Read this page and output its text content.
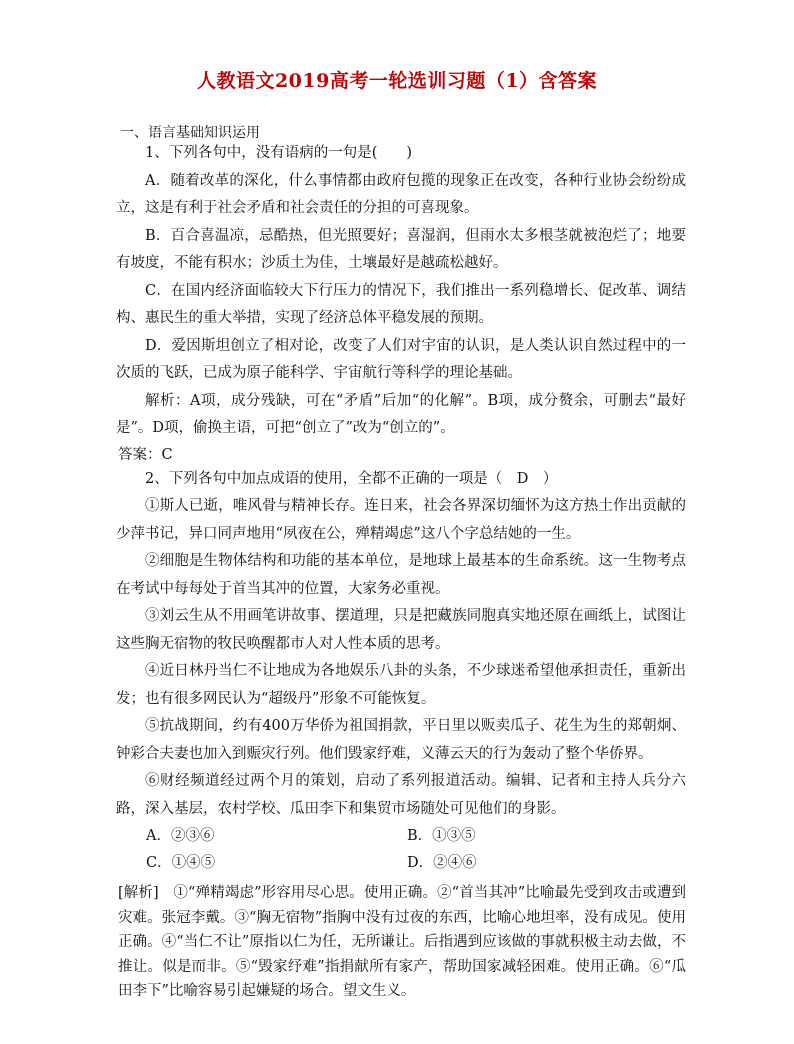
人教语文2019高考一轮选训习题（1）含答案
一、语言基础知识运用

1、下列各句中，没有语病的一句是(　　)

A．随着改革的深化，什么事情都由政府包揽的现象正在改变，各种行业协会纷纷成立，这是有利于社会矛盾和社会责任的分担的可喜现象。

B．百合喜温凉，忌酷热，但光照要好；喜湿润，但雨水太多根茎就被泡烂了；地要有坡度，不能有积水；沙质土为佳，土壤最好是越疏松越好。

C．在国内经济面临较大下行压力的情况下，我们推出一系列稳增长、促改革、调结构、惠民生的重大举措，实现了经济总体平稳发展的预期。

D．爱因斯坦创立了相对论，改变了人们对宇宙的认识，是人类认识自然过程中的一次质的飞跃，已成为原子能科学、宇宙航行等科学的理论基础。

解析：A项，成分残缺，可在“矛盾”后加“的化解”。B项，成分赘余，可删去“最好是”。D项，偷换主语，可把“创立了”改为“创立的”。

答案：C

2、下列各句中加点成语的使用，全都不正确的一项是（　D　）

①斯人已逝，唯风骨与精神长存。连日来，社会各界深切缅怀为这方热土作出贡献的少萍书记，异口同声地用“夙夜在公，殚精竭虑”这八个字总结她的一生。

②细胞是生物体结构和功能的基本单位，是地球上最基本的生命系统。这一生物考点在考试中每每处于首当其冲的位置，大家务必重视。

③刘云生从不用画笔讲故事、摆道理，只是把藏族同胞真实地还原在画纸上，试图让这些胸无宿物的牧民唤醒都市人对人性本质的思考。

④近日林丹当仁不让地成为各地娱乐八卦的头条，不少球迷希望他承担责任，重新出发；也有很多网民认为“超级丹”形象不可能恢复。

⑤抗战期间，约有400万华侨为祖国捐款，平日里以贩卖瓜子、花生为生的郑朝炯、钟彩合夫妻也加入到赈灾行列。他们毁家纾难，义薄云天的行为轰动了整个华侨界。

⑥财经频道经过两个月的策划，启动了系列报道活动。编辑、记者和主持人兵分六路，深入基层，农村学校、瓜田李下和集贸市场随处可见他们的身影。

A．②③⑥	B．①③⑤
C．①④⑤	D．②④⑥

[解析]　①“殚精竭虑”形容用尽心思。使用正确。②“首当其冲”比喻最先受到攻击或遭到灾难。张冠李戴。③“胸无宿物”指胸中没有过夜的东西，比喻心地坦率，没有成见。使用正确。④“当仁不让”原指以仁为任，无所谦让。后指遇到应该做的事就积极主动去做，不推让。似是而非。⑤“毁家纾难”指捐献所有家产，帮助国家减轻困难。使用正确。⑥“瓜田李下”比喻容易引起嫌疑的场合。望文生义。
